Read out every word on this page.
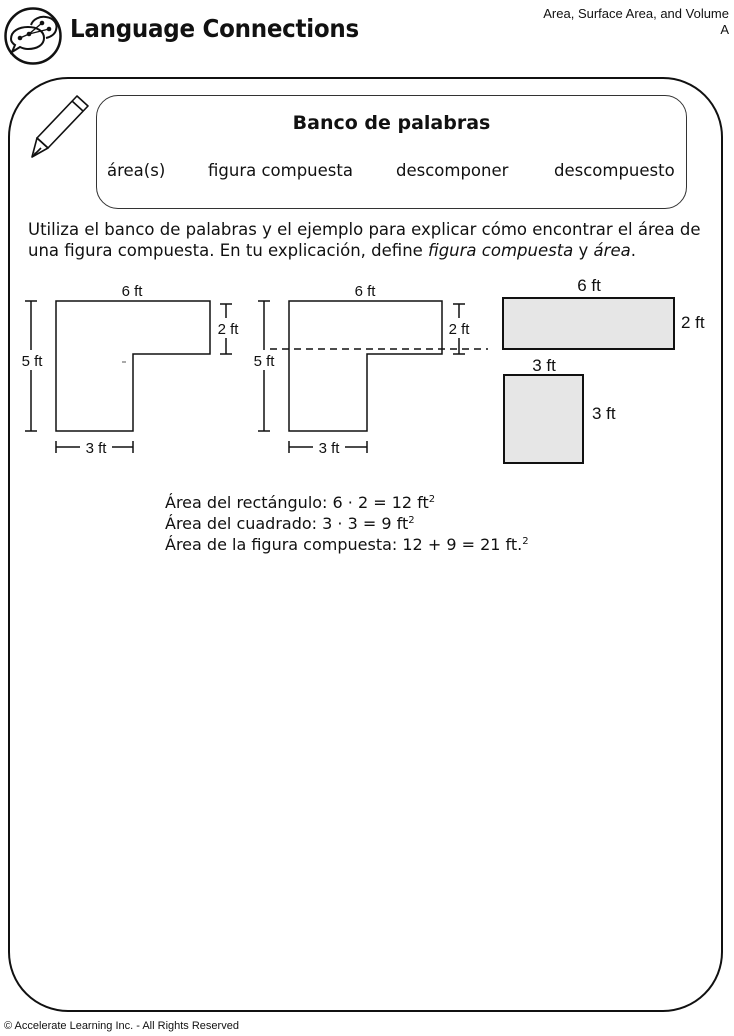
Language Connections
Area, Surface Area, and Volume
A
Banco de palabras
área(s)	figura compuesta	descomponer	descompuesto
Utiliza el banco de palabras y el ejemplo para explicar cómo encontrar el área de una figura compuesta. En tu explicación, define figura compuesta y área.
6 ft
2 ft
5 ft
3 ft
6 ft
2 ft
5 ft
3 ft
6 ft
2 ft
3 ft
3 ft
Área del rectángulo: 6 · 2 = 12 $ft^2$
Área del cuadrado: 3 · 3 = 9 $ft^2$
Área de la figura compuesta: 12 + 9 = 21 ft.$^2$
© Accelerate Learning Inc. - All Rights Reserved
